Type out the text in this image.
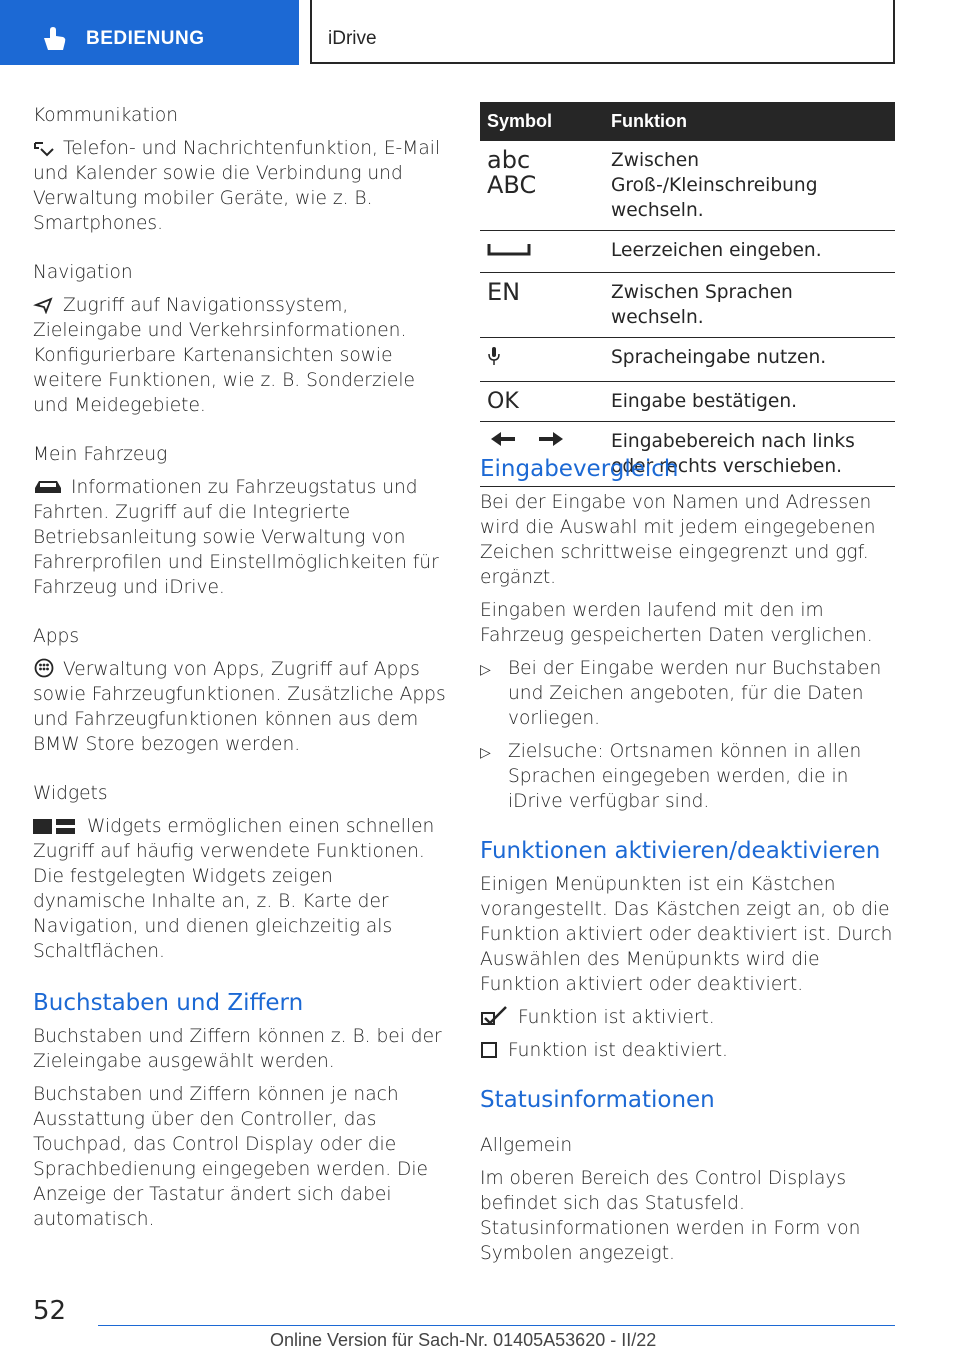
BEDIENUNG	iDrive
Kommunikation
Telefon- und Nachrichtenfunktion, E-Mail und Kalender sowie die Verbindung und Verwaltung mobiler Geräte, wie z. B. Smartphones.
Navigation
Zugriff auf Navigationssystem, Zieleingabe und Verkehrsinformationen. Konfigurierbare Kartenansichten sowie weitere Funktionen, wie z. B. Sonderziele und Meidegebiete.
Mein Fahrzeug
Informationen zu Fahrzeugstatus und Fahrten. Zugriff auf die Integrierte Betriebsanleitung sowie Verwaltung von Fahrerprofilen und Einstellmöglichkeiten für Fahrzeug und iDrive.
Apps
Verwaltung von Apps, Zugriff auf Apps sowie Fahrzeugfunktionen. Zusätzliche Apps und Fahrzeugfunktionen können aus dem BMW Store bezogen werden.
Widgets
Widgets ermöglichen einen schnellen Zugriff auf häufig verwendete Funktionen. Die festgelegten Widgets zeigen dynamische Inhalte an, z. B. Karte der Navigation, und dienen gleichzeitig als Schaltflächen.
Buchstaben und Ziffern
Buchstaben und Ziffern können z. B. bei der Zieleingabe ausgewählt werden.
Buchstaben und Ziffern können je nach Ausstattung über den Controller, das Touchpad, das Control Display oder die Sprachbedienung eingegeben werden. Die Anzeige der Tastatur ändert sich dabei automatisch.
Symbol	Funktion

abc
ABC	Zwischen Groß-/Kleinschreibung wechseln.
	Leerzeichen eingeben.
EN	Zwischen Sprachen wechseln.
	Spracheingabe nutzen.
OK	Eingabe bestätigen.
	Eingabebereich nach links oder rechts verschieben.
Eingabevergleich
Bei der Eingabe von Namen und Adressen wird die Auswahl mit jedem eingegebenen Zeichen schrittweise eingegrenzt und ggf. ergänzt.
Eingaben werden laufend mit den im Fahrzeug gespeicherten Daten verglichen.
▷ Bei der Eingabe werden nur Buchstaben und Zeichen angeboten, für die Daten vorliegen.
▷ Zielsuche: Ortsnamen können in allen Sprachen eingegeben werden, die in iDrive verfügbar sind.
Funktionen aktivieren/deaktivieren
Einigen Menüpunkten ist ein Kästchen vorangestellt. Das Kästchen zeigt an, ob die Funktion aktiviert oder deaktiviert ist. Durch Auswählen des Menüpunkts wird die Funktion aktiviert oder deaktiviert.
Funktion ist aktiviert.
Funktion ist deaktiviert.
Statusinformationen
Allgemein
Im oberen Bereich des Control Displays befindet sich das Statusfeld. Statusinformationen werden in Form von Symbolen angezeigt.
52
Online Version für Sach-Nr. 01405A53620 - II/22
